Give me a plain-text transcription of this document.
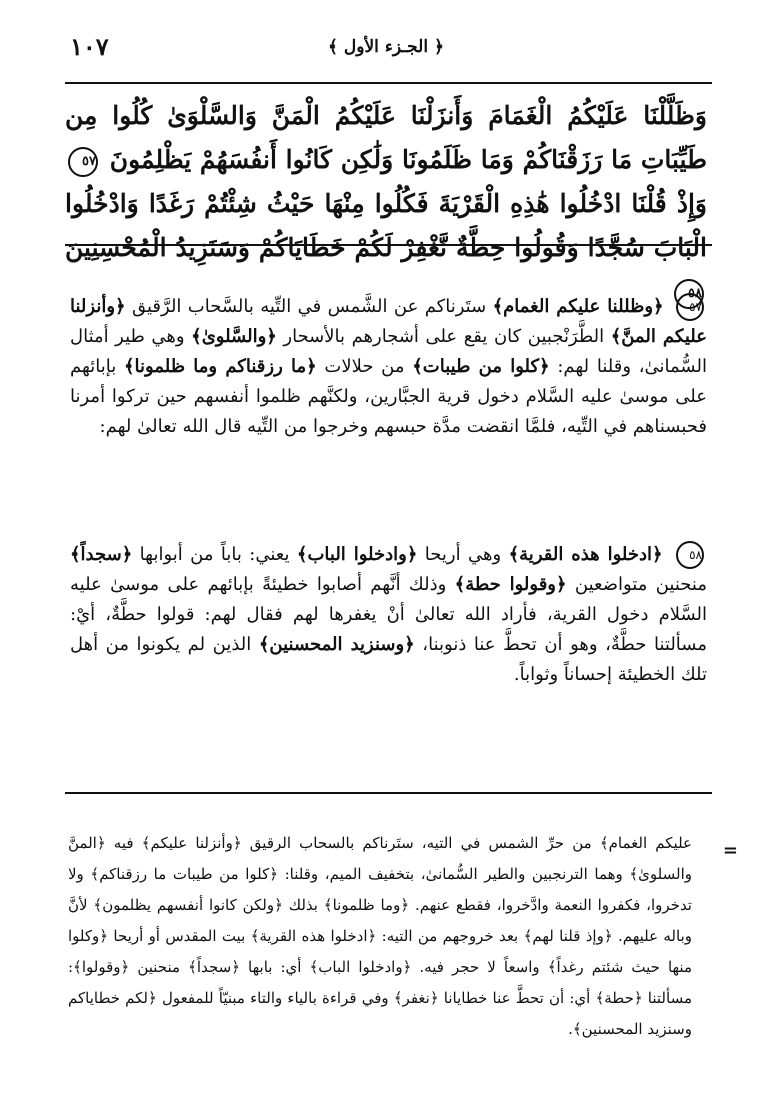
١٠٧	﴿ الجـزء الأول ﴾
وَظَلَّلْنَا عَلَيْكُمُ الْغَمَامَ وَأَنزَلْنَا عَلَيْكُمُ الْمَنَّ وَالسَّلْوَىٰ كُلُوا مِن طَيِّبَاتِ مَا رَزَقْنَاكُمْ وَمَا ظَلَمُونَا وَلَٰكِن كَانُوا أَنفُسَهُمْ يَظْلِمُونَ ٥٧ وَإِذْ قُلْنَا ادْخُلُوا هَٰذِهِ الْقَرْيَةَ فَكُلُوا مِنْهَا حَيْثُ شِئْتُمْ رَغَدًا وَادْخُلُوا الْبَابَ سُجَّدًا وَقُولُوا حِطَّةٌ نَّغْفِرْ لَكُمْ خَطَايَاكُمْ وَسَنَزِيدُ الْمُحْسِنِينَ ٥٨

٥٧ ﴿وظللنا عليكم الغمام﴾ ستَرناكم عن الشَّمس في التِّيه بالسَّحاب الرَّقيق ﴿وأنزلنا عليكم المنَّ﴾ الطَّرَنْجبين كان يقع على أشجارهم بالأسحار ﴿والسَّلوىٰ﴾ وهي طير أمثال السُّمانىٰ، وقلنا لهم: ﴿كلوا من طيبات﴾ من حلالات ﴿ما رزقناكم وما ظلمونا﴾ بإبائهم على موسىٰ عليه السَّلام دخول قرية الجبَّارين، ولكنَّهم ظلموا أنفسهم حين تركوا أمرنا فحبسناهم في التِّيه، فلمَّا انقضت مدَّة حبسهم وخرجوا من التِّيه قال الله تعالىٰ لهم:

٥٨ ﴿ادخلوا هذه القرية﴾ وهي أريحا ﴿وادخلوا الباب﴾ يعني: باباً من أبوابها ﴿سجداً﴾ منحنين متواضعين ﴿وقولوا حطة﴾ وذلك أنَّهم أصابوا خطيئةً بإبائهم على موسىٰ عليه السَّلام دخول القرية، فأراد الله تعالىٰ أنْ يغفرها لهم فقال لهم: قولوا حطَّةٌ، أيْ: مسألتنا حطَّةٌ، وهو أن تحطَّ عنا ذنوبنا، ﴿وسنزيد المحسنين﴾ الذين لم يكونوا من أهل تلك الخطيئة إحساناً وثواباً.

=

عليكم الغمام﴾ من حرِّ الشمس في التيه، ستَرناكم بالسحاب الرقيق ﴿وأنزلنا عليكم﴾ فيه ﴿المنَّ والسلوىٰ﴾ وهما الترنجبين والطير السُّمانىٰ، بتخفيف الميم، وقلنا: ﴿كلوا من طيبات ما رزقناكم﴾ ولا تدخروا، فكفروا النعمة وادَّخروا، فقطع عنهم. ﴿وما ظلمونا﴾ بذلك ﴿ولكن كانوا أنفسهم يظلمون﴾ لأنَّ وباله عليهم. ﴿وإذ قلنا لهم﴾ بعد خروجهم من التيه: ﴿ادخلوا هذه القرية﴾ بيت المقدس أو أريحا ﴿وكلوا منها حيث شئتم رغداً﴾ واسعاً لا حجر فيه. ﴿وادخلوا الباب﴾ أي: بابها ﴿سجداً﴾ منحنين ﴿وقولوا﴾: مسألتنا ﴿حطة﴾ أي: أن تحطَّ عنا خطايانا ﴿نغفر﴾ وفي قراءة بالياء والتاء مبنيّاً للمفعول ﴿لكم خطاياكم وسنزيد المحسنين﴾.
